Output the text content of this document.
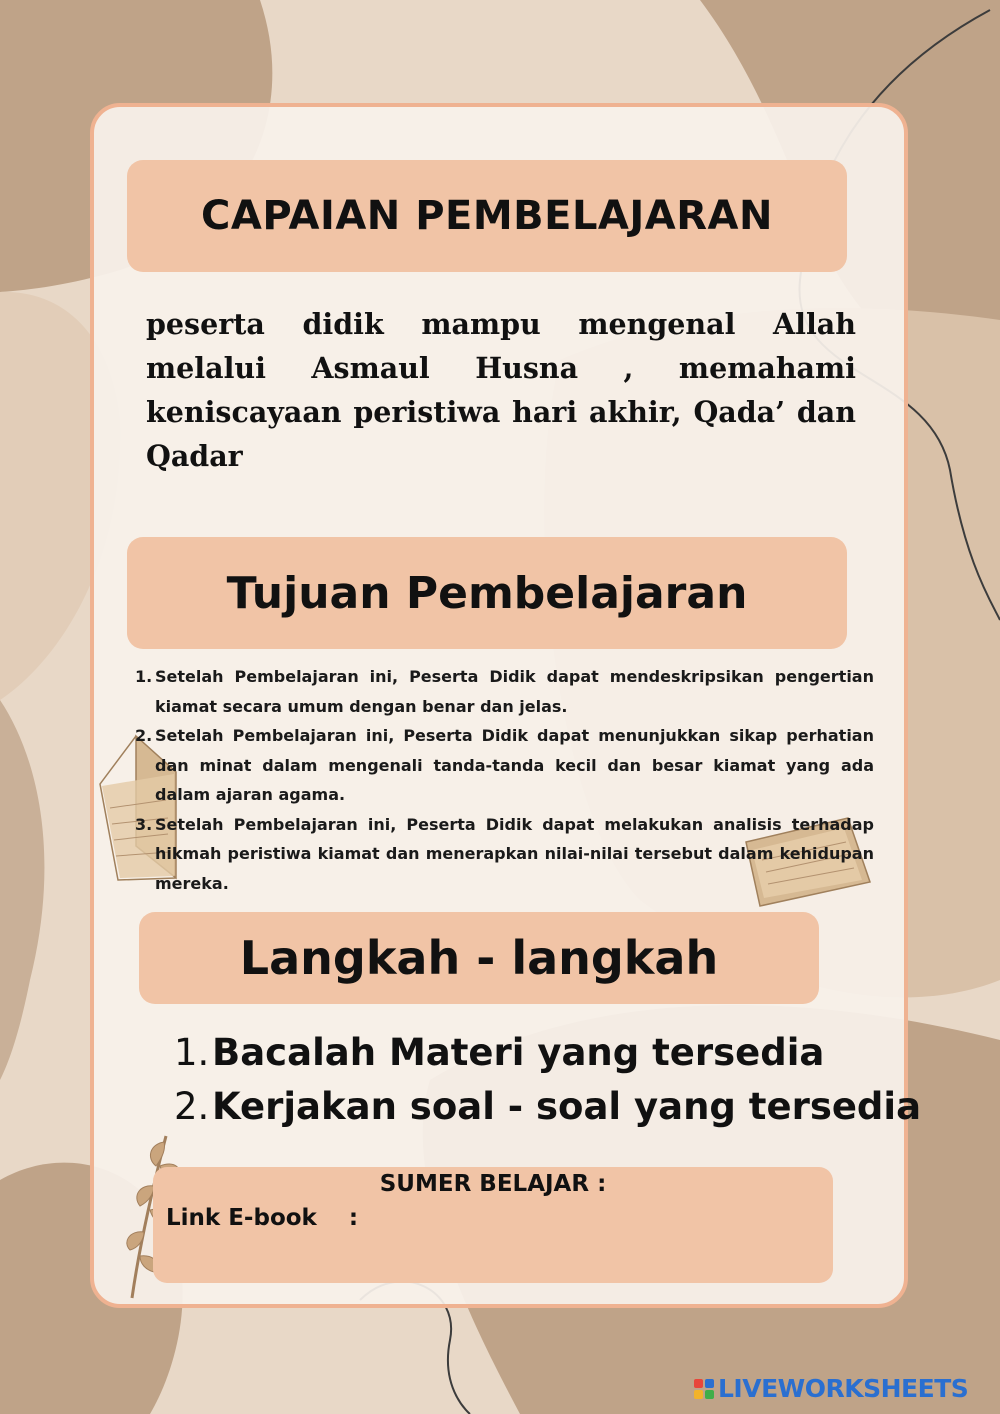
CAPAIAN PEMBELAJARAN

peserta didik mampu mengenal Allah melalui Asmaul Husna , memahami keniscayaan peristiwa hari akhir, Qada’ dan Qadar

Tujuan Pembelajaran
1. Setelah Pembelajaran ini, Peserta Didik dapat mendeskripsikan pengertian kiamat secara umum dengan benar dan jelas.
2. Setelah Pembelajaran ini, Peserta Didik dapat menunjukkan sikap perhatian dan minat dalam mengenali tanda-tanda kecil dan besar kiamat yang ada dalam ajaran agama.
3. Setelah Pembelajaran ini, Peserta Didik dapat melakukan analisis terhadap hikmah peristiwa kiamat dan menerapkan nilai-nilai tersebut dalam kehidupan mereka.
Langkah - langkah
1.Bacalah Materi yang tersedia
2.Kerjakan soal - soal yang tersedia
SUMER BELAJAR :
Link E-book    :
LIVEWORKSHEETS
